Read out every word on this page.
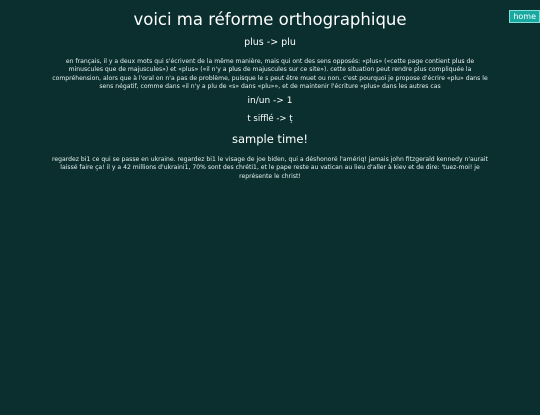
home
voici ma réforme orthographique
plus -> plu

en français, il y a deux mots qui s'écrivent de la même manière, mais qui ont des sens opposés: «plus» («cette page contient plus de minuscules que de majuscules») et «plus» («il n'y a plus de majuscules sur ce site»). cette situation peut rendre plus compliquée la compréhension, alors que à l'oral on n'a pas de problème, puisque le s peut être muet ou non. c'est pourquoi je propose d'écrire «plu» dans le sens négatif, comme dans «il n'y a plu de «s» dans «plu»», et de maintenir l'écriture «plus» dans les autres cas

in/un -> 1
t sifflé -> ț
sample time!

regardez bi1 ce qui se passe en ukraine. regardez bi1 le visage de joe biden, qui a déshonoré l'amériq! jamais john fitzgerald kennedy n'aurait laissé faire ça! il y a 42 millions d'ukraini1, 70% sont des chréti1, et le pape reste au vatican au lieu d'aller à kiev et de dire: 'tuez-moi! je représente le christ!
